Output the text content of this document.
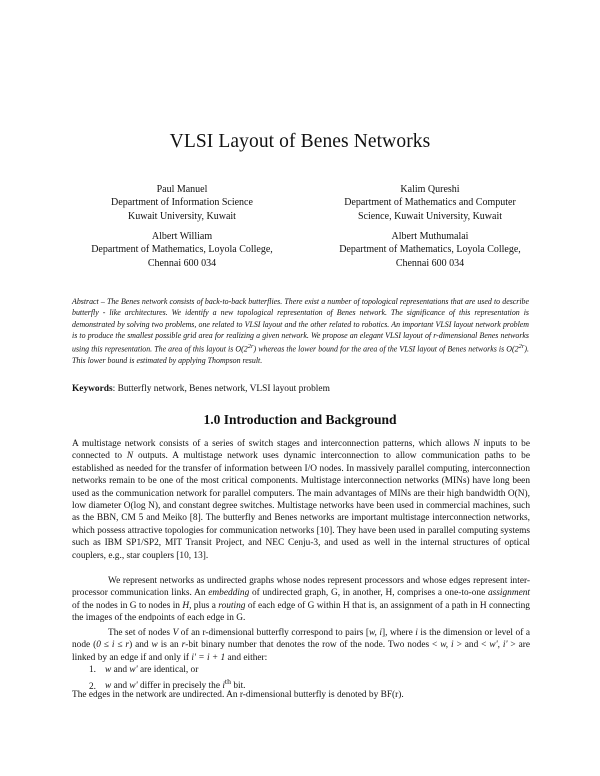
VLSI Layout of Benes Networks
Paul Manuel
Department of Information Science
Kuwait University, Kuwait
Kalim Qureshi
Department of Mathematics and Computer
Science, Kuwait University, Kuwait
Albert William
Department of Mathematics, Loyola College,
Chennai 600 034
Albert Muthumalai
Department of Mathematics, Loyola College,
Chennai 600 034
Abstract – The Benes network consists of back-to-back butterflies. There exist a number of topological representations that are used to describe butterfly - like architectures. We identify a new topological representation of Benes network. The significance of this representation is demonstrated by solving two problems, one related to VLSI layout and the other related to robotics. An important VLSI layout network problem is to produce the smallest possible grid area for realizing a given network. We propose an elegant VLSI layout of r-dimensional Benes networks using this representation. The area of this layout is $O(2^{2r})$ whereas the lower bound for the area of the VLSI layout of Benes networks is $O(2^{2r})$. This lower bound is estimated by applying Thompson result.
Keywords: Butterfly network, Benes network, VLSI layout problem
1.0 Introduction and Background

A multistage network consists of a series of switch stages and interconnection patterns, which allows N inputs to be connected to N outputs. A multistage network uses dynamic interconnection to allow communication paths to be established as needed for the transfer of information between I/O nodes. In massively parallel computing, interconnection networks remain to be one of the most critical components. Multistage interconnection networks (MINs) have long been used as the communication network for parallel computers. The main advantages of MINs are their high bandwidth O(N), low diameter O(log N), and constant degree switches. Multistage networks have been used in commercial machines, such as the BBN, CM 5 and Meiko [8]. The butterfly and Benes networks are important multistage interconnection networks, which possess attractive topologies for communication networks [10]. They have been used in parallel computing systems such as IBM SP1/SP2, MIT Transit Project, and NEC Cenju-3, and used as well in the internal structures of optical couplers, e.g., star couplers [10, 13].

We represent networks as undirected graphs whose nodes represent processors and whose edges represent inter-processor communication links. An embedding of undirected graph, G, in another, H, comprises a one-to-one assignment of the nodes in G to nodes in H, plus a routing of each edge of G within H that is, an assignment of a path in H connecting the images of the endpoints of each edge in G.

The set of nodes V of an r-dimensional butterfly correspond to pairs [w, i], where i is the dimension or level of a node (0 ≤ i ≤ r) and w is an r-bit binary number that denotes the row of the node. Two nodes < w, i > and < w', i' > are linked by an edge if and only if i' = i + 1 and either:

1. w and w' are identical, or
2. w and w' differ in precisely the $i^{th}$ bit.
The edges in the network are undirected. An r-dimensional butterfly is denoted by BF(r).
